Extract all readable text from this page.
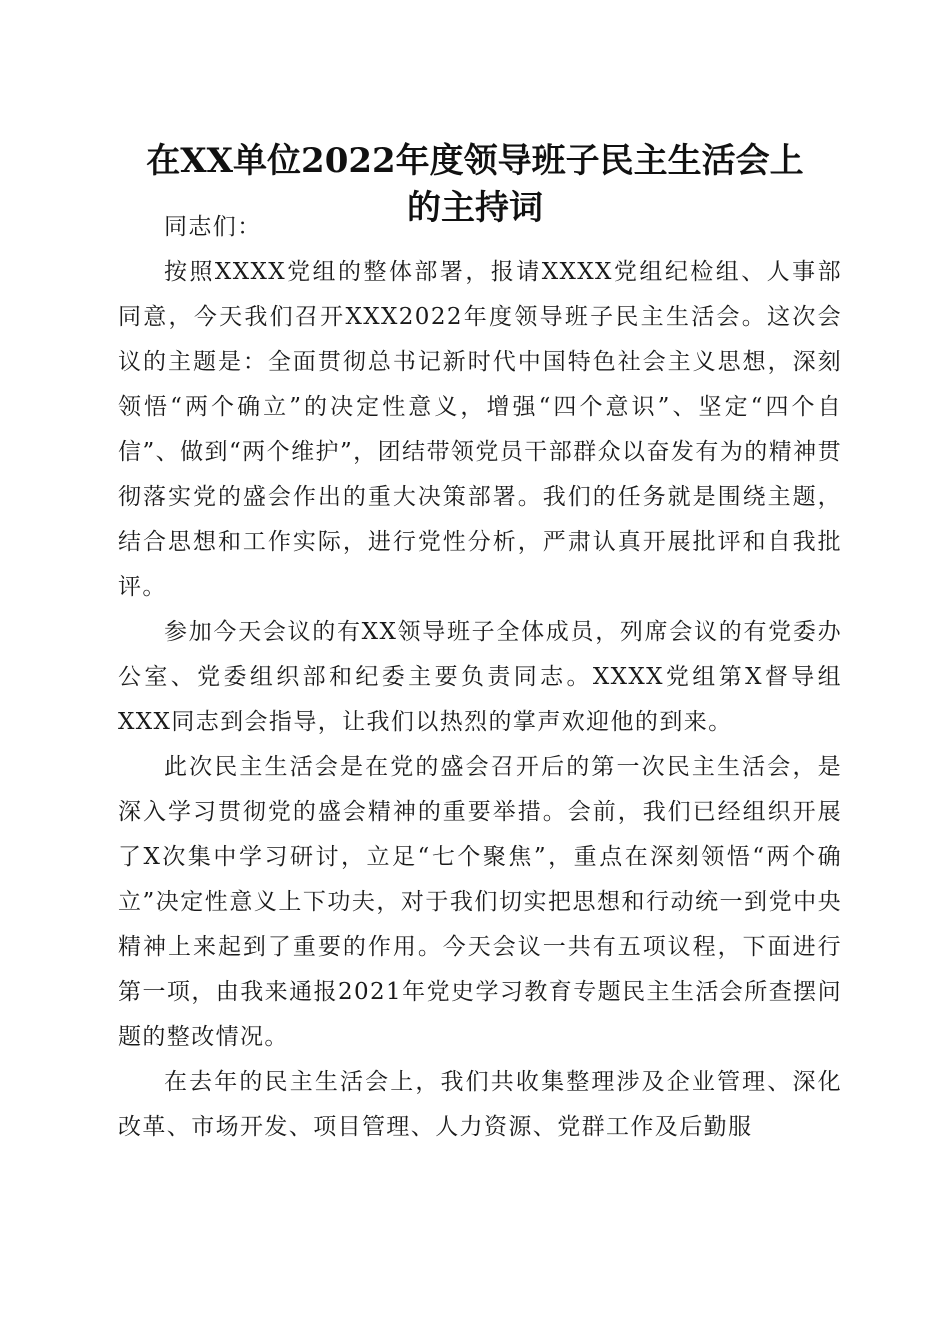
在XX单位2022年度领导班子民主生活会上
的主持词

同志们：

按照XXXX党组的整体部署，报请XXXX党组纪检组、人事部同意，今天我们召开XXX2022年度领导班子民主生活会。这次会议的主题是：全面贯彻总书记新时代中国特色社会主义思想，深刻领悟“两个确立”的决定性意义，增强“四个意识”、坚定“四个自信”、做到“两个维护”，团结带领党员干部群众以奋发有为的精神贯彻落实党的盛会作出的重大决策部署。我们的任务就是围绕主题，结合思想和工作实际，进行党性分析，严肃认真开展批评和自我批评。

参加今天会议的有XX领导班子全体成员，列席会议的有党委办公室、党委组织部和纪委主要负责同志。XXXX党组第X督导组XXX同志到会指导，让我们以热烈的掌声欢迎他的到来。

此次民主生活会是在党的盛会召开后的第一次民主生活会，是深入学习贯彻党的盛会精神的重要举措。会前，我们已经组织开展了X次集中学习研讨，立足“七个聚焦”，重点在深刻领悟“两个确立”决定性意义上下功夫，对于我们切实把思想和行动统一到党中央精神上来起到了重要的作用。今天会议一共有五项议程，下面进行第一项，由我来通报2021年党史学习教育专题民主生活会所查摆问题的整改情况。

在去年的民主生活会上，我们共收集整理涉及企业管理、深化改革、市场开发、项目管理、人力资源、党群工作及后勤服
